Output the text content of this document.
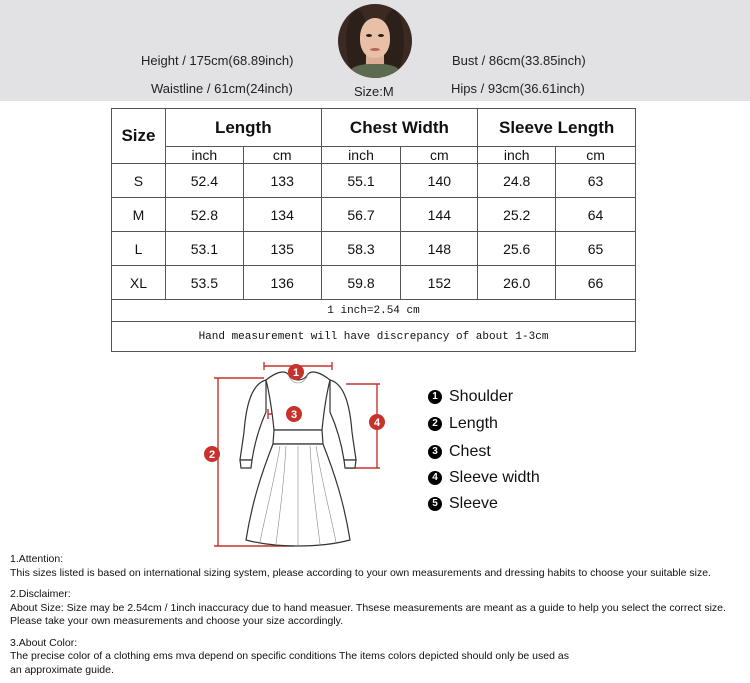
Height / 175cm(68.89inch)
Waistline / 61cm(24inch)
Bust / 86cm(33.85inch)
Hips / 93cm(36.61inch)
Size:M
Size	Length		Chest Width		Sleeve Length	
	inch	cm	inch	cm	inch	cm
S	52.4	133	55.1	140	24.8	63
M	52.8	134	56.7	144	25.2	64
L	53.1	135	58.3	148	25.6	65
XL	53.5	136	59.8	152	26.0	66
1 inch=2.54 cm						
Hand measurement will have discrepancy of about 1-3cm						
1
2
3
4
1 Shoulder
2 Length
3 Chest
4 Sleeve width
5 Sleeve

1.Attention:

This sizes listed is based on international sizing system, please according to your own measurements and dressing habits to choose your suitable size.

2.Disclaimer:

About Size: Size may be 2.54cm / 1inch inaccuracy due to hand measuer. Thsese measurements are meant as a guide to help you select the correct size.

Please take your own measurements and choose your size accordingly.

3.About Color:

The precise color of a clothing ems mva depend on specific conditions The items colors depicted should only be used as

an approximate guide.
